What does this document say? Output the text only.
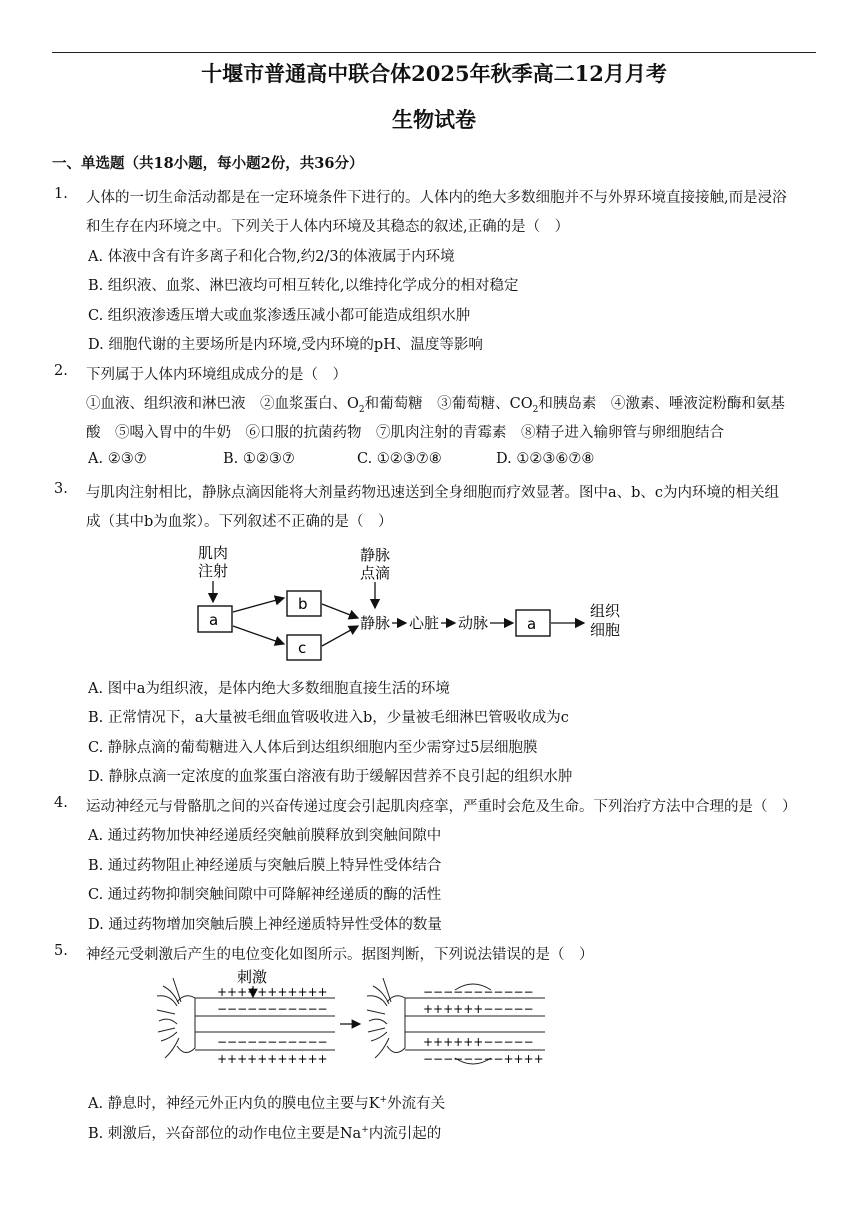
十堰市普通高中联合体2025年秋季高二12月月考
生物试卷
一、单选题（共18小题，每小题2份，共36分）
1. 人体的一切生命活动都是在一定环境条件下进行的。人体内的绝大多数细胞并不与外界环境直接接触,而是浸浴
和生存在内环境之中。下列关于人体内环境及其稳态的叙述,正确的是（　）
A. 体液中含有许多离子和化合物,约2/3的体液属于内环境
B. 组织液、血浆、淋巴液均可相互转化,以维持化学成分的相对稳定
C. 组织液渗透压增大或血浆渗透压减小都可能造成组织水肿
D. 细胞代谢的主要场所是内环境,受内环境的pH、温度等影响
2. 下列属于人体内环境组成成分的是（　）
①血液、组织液和淋巴液　②血浆蛋白、$O_2$和葡萄糖　③葡萄糖、$CO_2$和胰岛素　④激素、唾液淀粉酶和氨基
酸　⑤喝入胃中的牛奶　⑥口服的抗菌药物　⑦肌肉注射的青霉素　⑧精子进入输卵管与卵细胞结合
A. ②③⑦	B. ①②③⑦	C. ①②③⑦⑧	D. ①②③⑥⑦⑧
3. 与肌肉注射相比，静脉点滴因能将大剂量药物迅速送到全身细胞而疗效显著。图中a、b、c为内环境的相关组
成（其中b为血浆）。下列叙述不正确的是（　）
肌肉
注射
a
b
c
静脉
点滴
静脉 心脏 动脉	a
组织
细胞
A. 图中a为组织液，是体内绝大多数细胞直接生活的环境
B. 正常情况下，a大量被毛细血管吸收进入b，少量被毛细淋巴管吸收成为c
C. 静脉点滴的葡萄糖进入人体后到达组织细胞内至少需穿过5层细胞膜
D. 静脉点滴一定浓度的血浆蛋白溶液有助于缓解因营养不良引起的组织水肿
4. 运动神经元与骨骼肌之间的兴奋传递过度会引起肌肉痉挛，严重时会危及生命。下列治疗方法中合理的是（　）
A. 通过药物加快神经递质经突触前膜释放到突触间隙中
B. 通过药物阻止神经递质与突触后膜上特异性受体结合
C. 通过药物抑制突触间隙中可降解神经递质的酶的活性
D. 通过药物增加突触后膜上神经递质特异性受体的数量
5. 神经元受刺激后产生的电位变化如图所示。据图判断，下列说法错误的是（　）
刺激
+++++++++++
−−−−−−−−−−−
−−−−−−−−−−−
+++++++++++
−−−−−−−−−−−
++++++−−−−−
++++++−−−−−
−−−−−−−−++++
A. 静息时，神经元外正内负的膜电位主要与K+外流有关
B. 刺激后，兴奋部位的动作电位主要是Na+内流引起的
